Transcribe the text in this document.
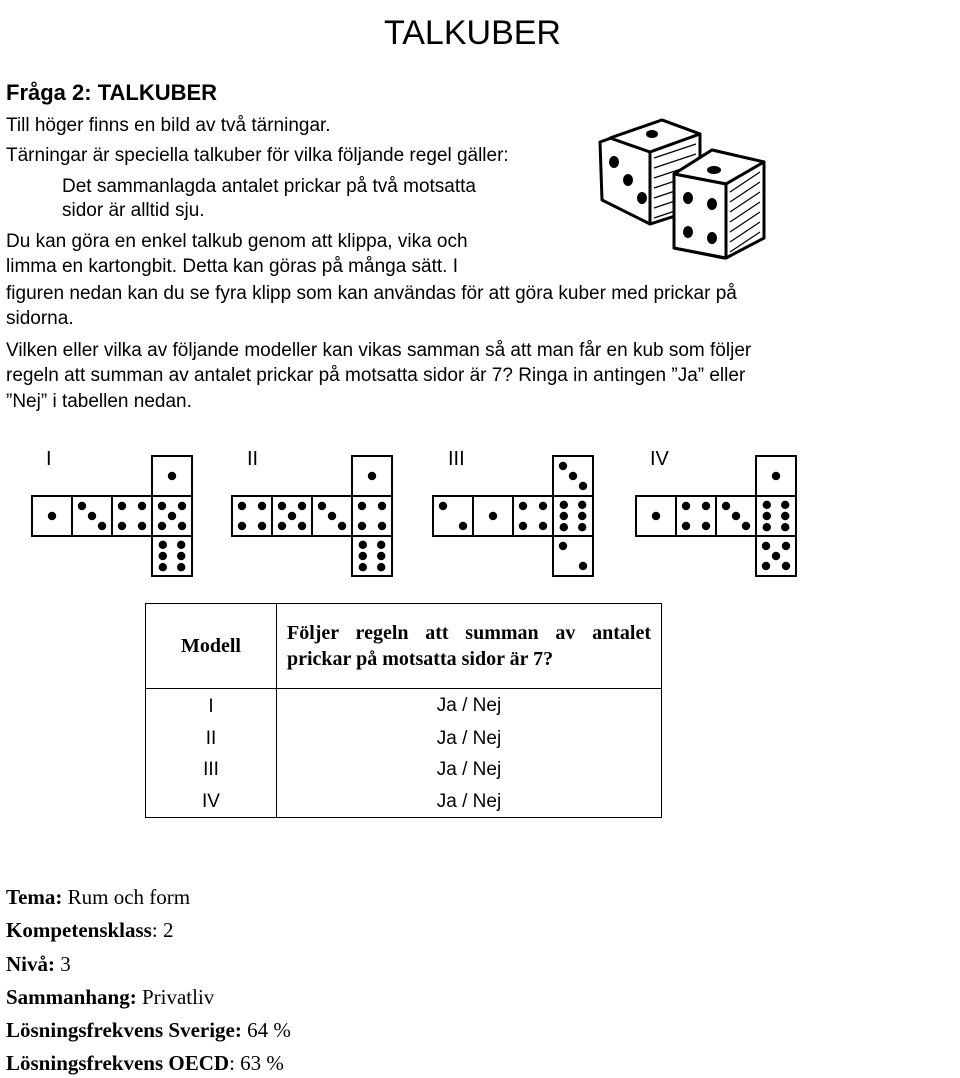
TALKUBER
Fråga 2: TALKUBER
Till höger finns en bild av två tärningar.
Tärningar är speciella talkuber för vilka följande regel gäller:
Det sammanlagda antalet prickar på två motsatta
sidor är alltid sju.
Du kan göra en enkel talkub genom att klippa, vika och
limma en kartongbit. Detta kan göras på många sätt. I
figuren nedan kan du se fyra klipp som kan användas för att göra kuber med prickar på
sidorna.
Vilken eller vilka av följande modeller kan vikas samman så att man får en kub som följer
regeln att summan av antalet prickar på motsatta sidor är 7? Ringa in antingen ”Ja” eller
”Nej” i tabellen nedan.
I	II	III	IV
Modell	Följer regeln att summan av antalet prickar på motsatta sidor är 7?
I	Ja / Nej
II	Ja / Nej
III	Ja / Nej
IV	Ja / Nej
Tema: Rum och form
Kompetensklass: 2
Nivå: 3
Sammanhang: Privatliv
Lösningsfrekvens Sverige: 64 %
Lösningsfrekvens OECD: 63 %
